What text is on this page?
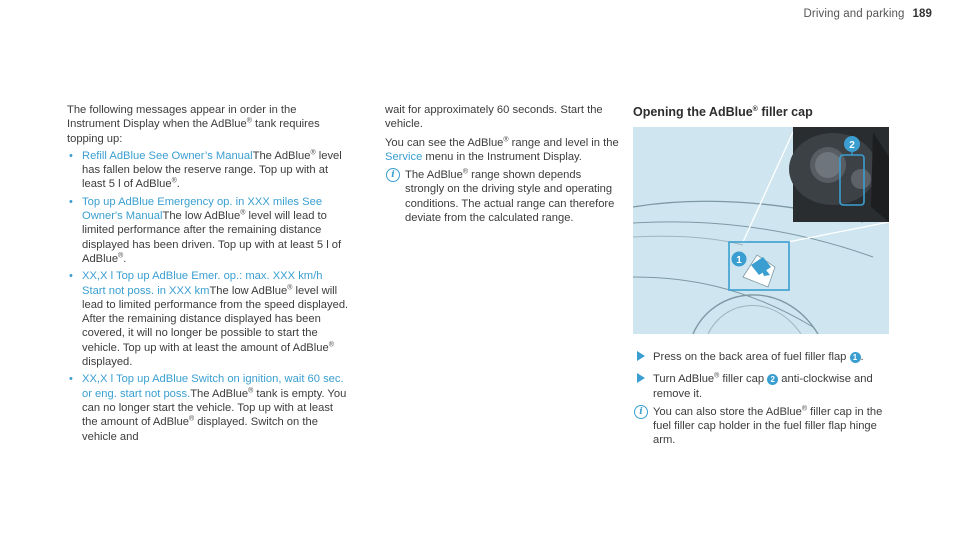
Driving and parking 189

The following messages appear in order in the Instrument Display when the AdBlue® tank requires topping up:

• Refill AdBlue See Owner’s ManualThe AdBlue® level has fallen below the reserve range. Top up with at least 5 l of AdBlue®.
• Top up AdBlue Emergency op. in XXX miles See Owner's ManualThe low AdBlue® level will lead to limited performance after the remaining distance displayed has been driven. Top up with at least 5 l of AdBlue®.
• XX,X l Top up AdBlue Emer. op.: max. XXX km/h Start not poss. in XXX kmThe low AdBlue® level will lead to limited performance from the speed displayed. After the remaining distance displayed has been covered, it will no longer be possible to start the vehicle. Top up with at least the amount of AdBlue® displayed.
• XX,X l Top up AdBlue Switch on ignition, wait 60 sec. or eng. start not poss.The AdBlue® tank is empty. You can no longer start the vehicle. Top up with at least the amount of AdBlue® displayed. Switch on the vehicle and

wait for approximately 60 seconds. Start the vehicle.

You can see the AdBlue® range and level in the Service menu in the Instrument Display.

i The AdBlue® range shown depends strongly on the driving style and operating conditions. The actual range can therefore deviate from the calculated range.
Opening the AdBlue® filler cap
2
1
Press on the back area of fuel filler flap 1 .
Turn AdBlue® filler cap 2 anti-clockwise and remove it.
i You can also store the AdBlue® filler cap in the fuel filler cap holder in the fuel filler flap hinge arm.
